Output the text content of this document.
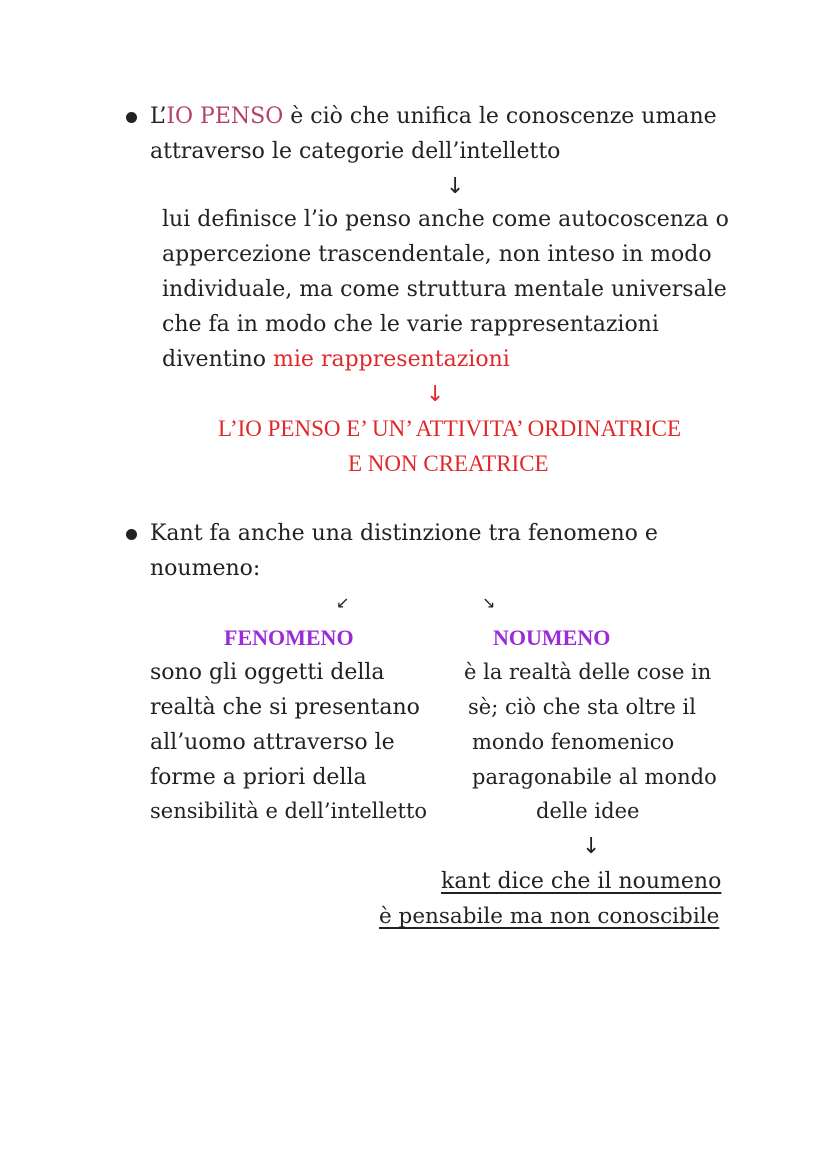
L’IO PENSO è ciò che unifica le conoscenze umane
attraverso le categorie dell’intelletto
↓
lui definisce l’io penso anche come autocoscenza o
appercezione trascendentale, non inteso in modo
individuale, ma come struttura mentale universale
che fa in modo che le varie rappresentazioni
diventino mie rappresentazioni
↓
L’IO PENSO E’ UN’ ATTIVITA’ ORDINATRICE
E NON CREATRICE
Kant fa anche una distinzione tra fenomeno e
noumeno:
↙	↘
FENOMENO	NOUMENO
sono gli oggetti della
realtà che si presentano
all’uomo attraverso le
forme a priori della
sensibilità e dell’intelletto
è la realtà delle cose in
sè; ciò che sta oltre il
mondo fenomenico
paragonabile al mondo
delle idee
↓
kant dice che il noumeno
è pensabile ma non conoscibile
